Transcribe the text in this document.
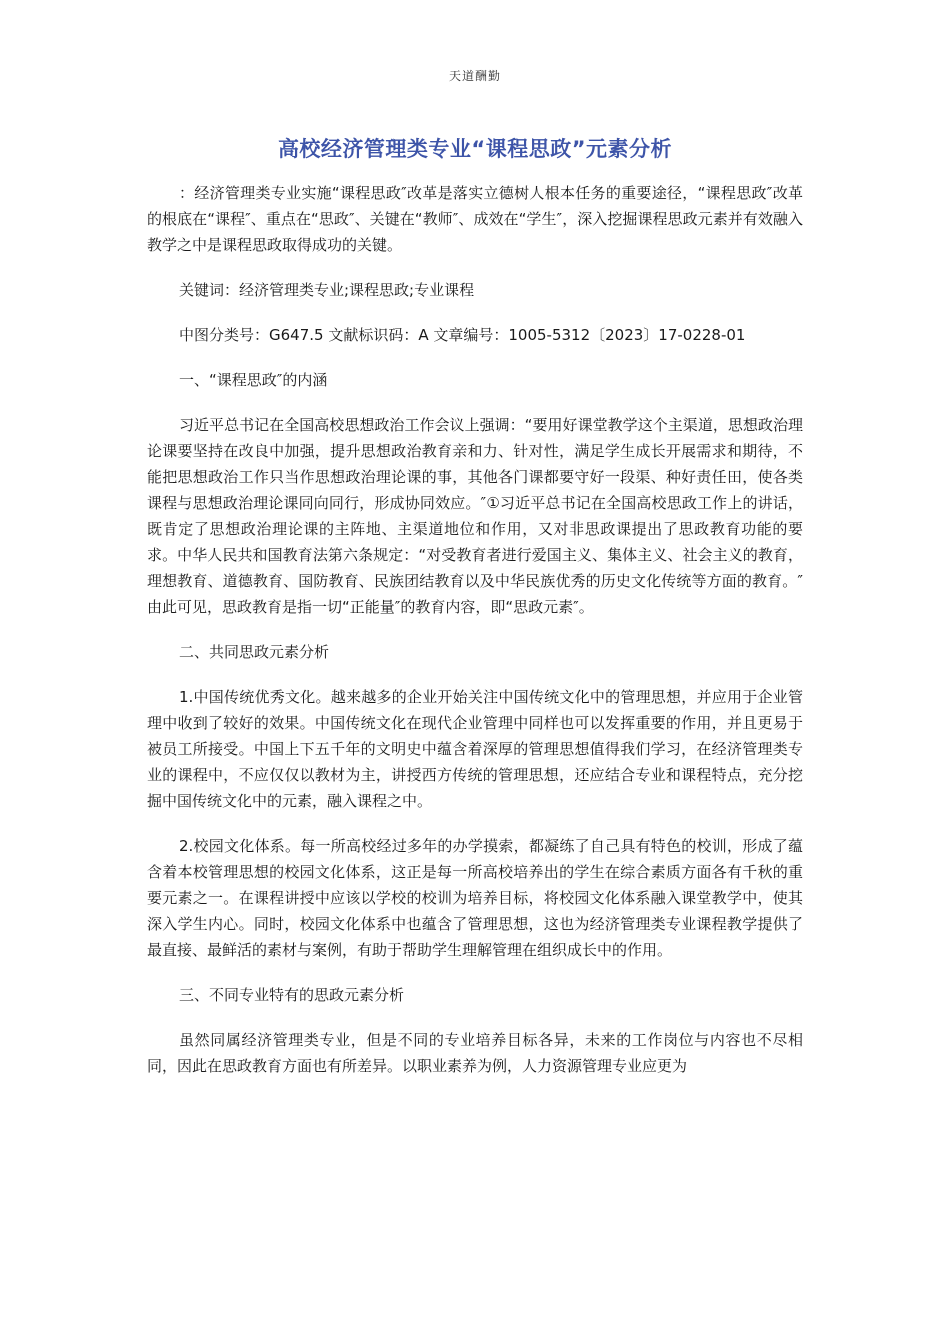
天道酬勤
高校经济管理类专业“课程思政”元素分析

：经济管理类专业实施“课程思政″改革是落实立德树人根本任务的重要途径，“课程思政″改革的根底在“课程″、重点在“思政″、关键在“教师″、成效在“学生″，深入挖掘课程思政元素并有效融入教学之中是课程思政取得成功的关键。

关键词：经济管理类专业;课程思政;专业课程

中图分类号：G647.5 文献标识码：A 文章编号：1005-5312〔2023〕17-0228-01

一、“课程思政″的内涵

习近平总书记在全国高校思想政治工作会议上强调：“要用好课堂教学这个主渠道，思想政治理论课要坚持在改良中加强，提升思想政治教育亲和力、针对性，满足学生成长开展需求和期待，不能把思想政治工作只当作思想政治理论课的事，其他各门课都要守好一段渠、种好责任田，使各类课程与思想政治理论课同向同行，形成协同效应。″①习近平总书记在全国高校思政工作上的讲话，既肯定了思想政治理论课的主阵地、主渠道地位和作用，又对非思政课提出了思政教育功能的要求。中华人民共和国教育法第六条规定：“对受教育者进行爱国主义、集体主义、社会主义的教育，理想教育、道德教育、国防教育、民族团结教育以及中华民族优秀的历史文化传统等方面的教育。″由此可见，思政教育是指一切“正能量″的教育内容，即“思政元素″。

二、共同思政元素分析

1.中国传统优秀文化。越来越多的企业开始关注中国传统文化中的管理思想，并应用于企业管理中收到了较好的效果。中国传统文化在现代企业管理中同样也可以发挥重要的作用，并且更易于被员工所接受。中国上下五千年的文明史中蕴含着深厚的管理思想值得我们学习，在经济管理类专业的课程中，不应仅仅以教材为主，讲授西方传统的管理思想，还应结合专业和课程特点，充分挖掘中国传统文化中的元素，融入课程之中。

2.校园文化体系。每一所高校经过多年的办学摸索，都凝练了自己具有特色的校训，形成了蕴含着本校管理思想的校园文化体系，这正是每一所高校培养出的学生在综合素质方面各有千秋的重要元素之一。在课程讲授中应该以学校的校训为培养目标，将校园文化体系融入课堂教学中，使其深入学生内心。同时，校园文化体系中也蕴含了管理思想，这也为经济管理类专业课程教学提供了最直接、最鲜活的素材与案例，有助于帮助学生理解管理在组织成长中的作用。

三、不同专业特有的思政元素分析

虽然同属经济管理类专业，但是不同的专业培养目标各异，未来的工作岗位与内容也不尽相同，因此在思政教育方面也有所差异。以职业素养为例，人力资源管理专业应更为
